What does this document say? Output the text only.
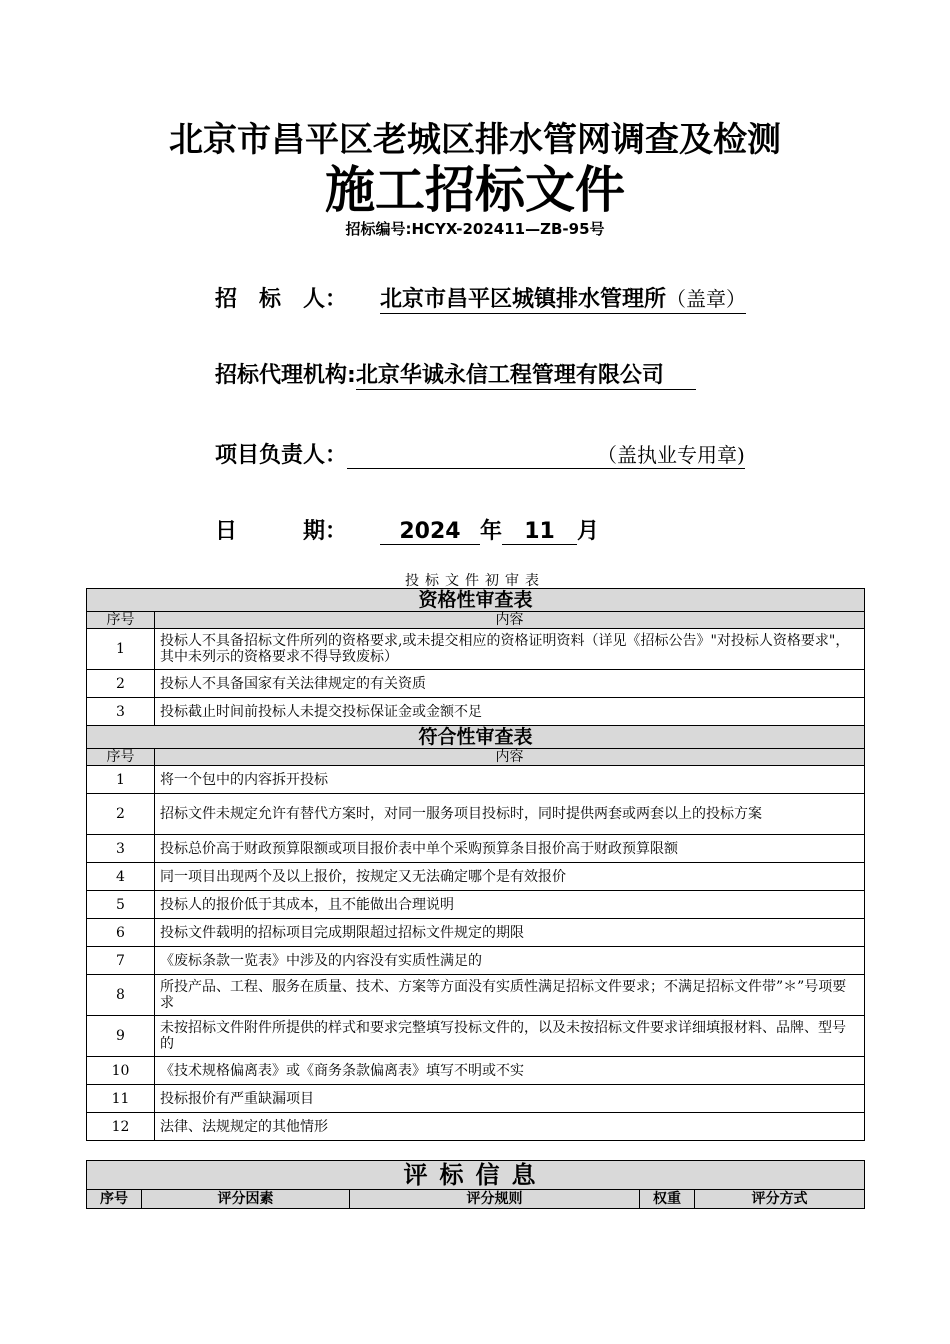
北京市昌平区老城区排水管网调查及检测
施工招标文件
招标编号:HCYX-202411—ZB-95号
招　标　人： 北京市昌平区城镇排水管理所（盖章）
招标代理机构:北京华诚永信工程管理有限公司
项目负责人：	（盖执业专用章)
日　　　期： 2024 年 11 月
投标文件初审表
资格性审查表	
序号	内容
1	投标人不具备招标文件所列的资格要求,或未提交相应的资格证明资料（详见《招标公告》"对投标人资格要求"，其中未列示的资格要求不得导致废标）
2	投标人不具备国家有关法律规定的有关资质
3	投标截止时间前投标人未提交投标保证金或金额不足
符合性审查表	
序号	内容
1	将一个包中的内容拆开投标
2	招标文件未规定允许有替代方案时，对同一服务项目投标时，同时提供两套或两套以上的投标方案
3	投标总价高于财政预算限额或项目报价表中单个采购预算条目报价高于财政预算限额
4	同一项目出现两个及以上报价，按规定又无法确定哪个是有效报价
5	投标人的报价低于其成本，且不能做出合理说明
6	投标文件载明的招标项目完成期限超过招标文件规定的期限
7	《废标条款一览表》中涉及的内容没有实质性满足的
8	所投产品、工程、服务在质量、技术、方案等方面没有实质性满足招标文件要求；不满足招标文件带”＊”号项要求
9	未按招标文件附件所提供的样式和要求完整填写投标文件的，以及未按招标文件要求详细填报材料、品牌、型号的
10	《技术规格偏离表》或《商务条款偏离表》填写不明或不实
11	投标报价有严重缺漏项目
12	法律、法规规定的其他情形
评标信息
序号	评分因素	评分规则	权重	评分方式
